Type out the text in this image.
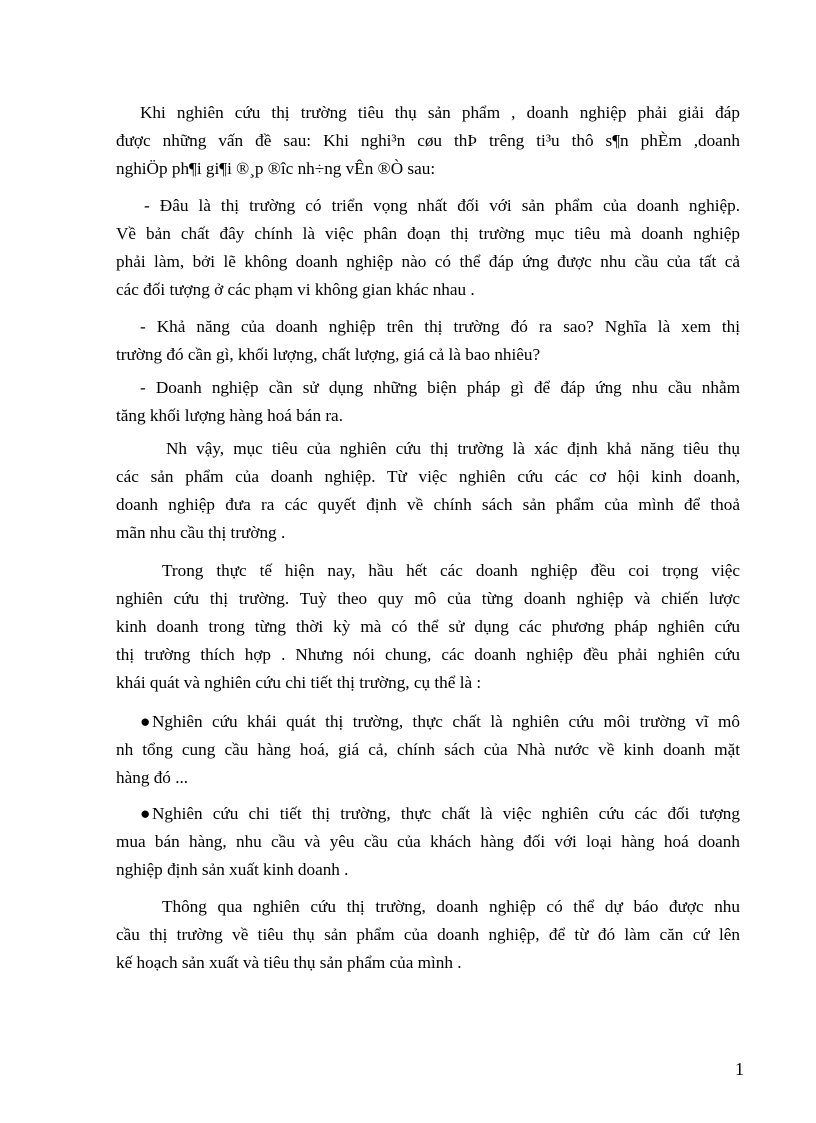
Khi nghiên cứu thị trường tiêu thụ sản phẩm , doanh nghiệp phải giải đáp
được những vấn đề sau: Khi nghi³n cøu thÞ trêng ti³u thô s¶n phÈm ,doanh
nghiÖp ph¶i gi¶i ®¸p ®îc nh÷ng vÊn ®Ò sau:
- Đâu là thị trường có triển vọng nhất đối với sản phẩm của doanh nghiệp.
Về bản chất đây chính là việc phân đoạn thị trường mục tiêu mà doanh nghiệp
phải làm, bởi lẽ không doanh nghiệp nào có thể đáp ứng được nhu cầu của tất cả
các đối tượng ở các phạm vi không gian khác nhau .
- Khả năng của doanh nghiệp trên thị trường đó ra sao? Nghĩa là xem thị
trường đó cần gì, khối lượng, chất lượng, giá cả là bao nhiêu?
- Doanh nghiệp cần sử dụng những biện pháp gì để đáp ứng nhu cầu nhằm
tăng khối lượng hàng hoá bán ra.
Nh vậy, mục tiêu của nghiên cứu thị trường là xác định khả năng tiêu thụ
các sản phẩm của doanh nghiệp. Từ việc nghiên cứu các cơ hội kinh doanh,
doanh nghiệp đưa ra các quyết định về chính sách sản phẩm của mình để thoả
mãn nhu cầu thị trường .
Trong thực tế hiện nay, hầu hết các doanh nghiệp đều coi trọng việc
nghiên cứu thị trường. Tuỳ theo quy mô của từng doanh nghiệp và chiến lược
kinh doanh trong từng thời kỳ mà có thể sử dụng các phương pháp nghiên cứu
thị trường thích hợp . Nhưng nói chung, các doanh nghiệp đều phải nghiên cứu
khái quát và nghiên cứu chi tiết thị trường, cụ thể là :
●Nghiên cứu khái quát thị trường, thực chất là nghiên cứu môi trường vĩ mô
nh tổng cung cầu hàng hoá, giá cả, chính sách của Nhà nước về kinh doanh mặt
hàng đó ...
●Nghiên cứu chi tiết thị trường, thực chất là việc nghiên cứu các đối tượng
mua bán hàng, nhu cầu và yêu cầu của khách hàng đối với loại hàng hoá doanh
nghiệp định sản xuất kinh doanh .
Thông qua nghiên cứu thị trường, doanh nghiệp có thể dự báo được nhu
cầu thị trường về tiêu thụ sản phẩm của doanh nghiệp, để từ đó làm căn cứ lên
kế hoạch sản xuất và tiêu thụ sản phẩm của mình .
1
